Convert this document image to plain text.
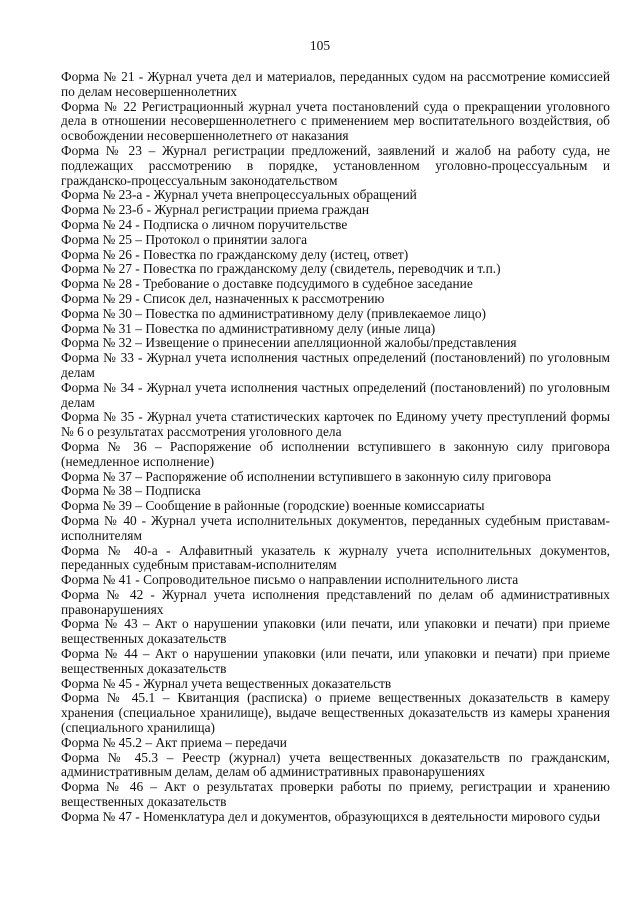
105

Форма № 21 - Журнал учета дел и материалов, переданных судом на рассмотрение комиссией по делам несовершеннолетних

Форма № 22 Регистрационный журнал учета постановлений суда о прекращении уголовного дела в отношении несовершеннолетнего с применением мер воспитательного воздействия, об освобождении несовершеннолетнего от наказания

Форма № 23 – Журнал регистрации предложений, заявлений и жалоб на работу суда, не подлежащих рассмотрению в порядке, установленном уголовно-процессуальным и гражданско-процессуальным законодательством

Форма № 23-а - Журнал учета внепроцессуальных обращений

Форма № 23-б - Журнал регистрации приема граждан

Форма № 24 - Подписка о личном поручительстве

Форма № 25 – Протокол о принятии залога

Форма № 26 - Повестка по гражданскому делу (истец, ответ)

Форма № 27 - Повестка по гражданскому делу (свидетель, переводчик и т.п.)

Форма № 28 - Требование о доставке подсудимого в судебное заседание

Форма № 29 - Список дел, назначенных к рассмотрению

Форма № 30 – Повестка по административному делу (привлекаемое лицо)

Форма № 31 – Повестка по административному делу (иные лица)

Форма № 32 – Извещение о принесении апелляционной жалобы/представления

Форма № 33 - Журнал учета исполнения частных определений (постановлений) по уголовным делам

Форма № 34 - Журнал учета исполнения частных определений (постановлений) по уголовным делам

Форма № 35 - Журнал учета статистических карточек по Единому учету преступлений формы № 6 о результатах рассмотрения уголовного дела

Форма № 36 – Распоряжение об исполнении вступившего в законную силу приговора (немедленное исполнение)

Форма № 37 – Распоряжение об исполнении вступившего в законную силу приговора

Форма № 38 – Подписка

Форма № 39 – Сообщение в районные (городские) военные комиссариаты

Форма № 40 - Журнал учета исполнительных документов, переданных судебным приставам-исполнителям

Форма № 40-а - Алфавитный указатель к журналу учета исполнительных документов, переданных судебным приставам-исполнителям

Форма № 41 - Сопроводительное письмо о направлении исполнительного листа

Форма № 42 - Журнал учета исполнения представлений по делам об административных правонарушениях

Форма № 43 – Акт о нарушении упаковки (или печати, или упаковки и печати) при приеме вещественных доказательств

Форма № 44 – Акт о нарушении упаковки (или печати, или упаковки и печати) при приеме вещественных доказательств

Форма № 45 - Журнал учета вещественных доказательств

Форма № 45.1 – Квитанция (расписка) о приеме вещественных доказательств в камеру хранения (специальное хранилище), выдаче вещественных доказательств из камеры хранения (специального хранилища)

Форма № 45.2 – Акт приема – передачи

Форма № 45.3 – Реестр (журнал) учета вещественных доказательств по гражданским, административным делам, делам об административных правонарушениях

Форма № 46 – Акт о результатах проверки работы по приему, регистрации и хранению вещественных доказательств

Форма № 47 - Номенклатура дел и документов, образующихся в деятельности мирового судьи
